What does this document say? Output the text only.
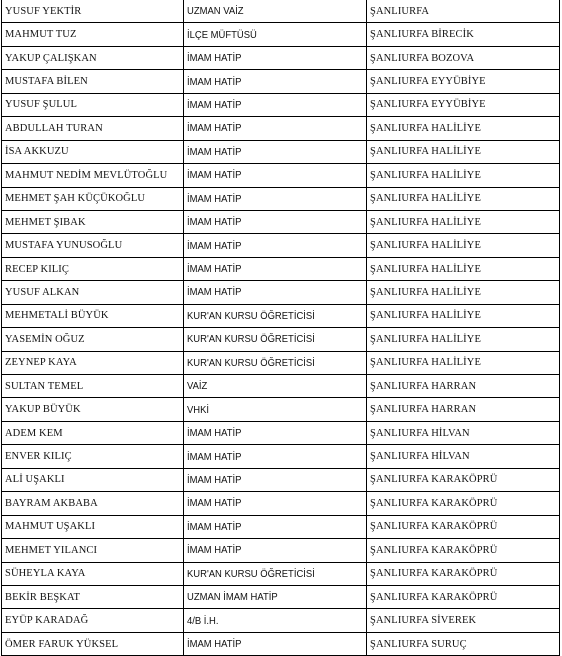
YUSUF YEKTİR	UZMAN VAİZ	ŞANLIURFA
MAHMUT TUZ	İLÇE MÜFTÜSÜ	ŞANLIURFA BİRECİK
YAKUP ÇALIŞKAN	İMAM HATİP	ŞANLIURFA BOZOVA
MUSTAFA BİLEN	İMAM HATİP	ŞANLIURFA EYYÜBİYE
YUSUF ŞULUL	İMAM HATİP	ŞANLIURFA EYYÜBİYE
ABDULLAH TURAN	İMAM HATİP	ŞANLIURFA HALİLİYE
İSA AKKUZU	İMAM HATİP	ŞANLIURFA HALİLİYE
MAHMUT NEDİM MEVLÜTOĞLU	İMAM HATİP	ŞANLIURFA HALİLİYE
MEHMET ŞAH KÜÇÜKOĞLU	İMAM HATİP	ŞANLIURFA HALİLİYE
MEHMET ŞIBAK	İMAM HATİP	ŞANLIURFA HALİLİYE
MUSTAFA YUNUSOĞLU	İMAM HATİP	ŞANLIURFA HALİLİYE
RECEP KILIÇ	İMAM HATİP	ŞANLIURFA HALİLİYE
YUSUF ALKAN	İMAM HATİP	ŞANLIURFA HALİLİYE
MEHMETALİ BÜYÜK	KUR'AN KURSU ÖĞRETİCİSİ	ŞANLIURFA HALİLİYE
YASEMİN OĞUZ	KUR'AN KURSU ÖĞRETİCİSİ	ŞANLIURFA HALİLİYE
ZEYNEP KAYA	KUR'AN KURSU ÖĞRETİCİSİ	ŞANLIURFA HALİLİYE
SULTAN TEMEL	VAİZ	ŞANLIURFA HARRAN
YAKUP BÜYÜK	VHKİ	ŞANLIURFA HARRAN
ADEM KEM	İMAM HATİP	ŞANLIURFA HİLVAN
ENVER KILIÇ	İMAM HATİP	ŞANLIURFA HİLVAN
ALİ UŞAKLI	İMAM HATİP	ŞANLIURFA KARAKÖPRÜ
BAYRAM AKBABA	İMAM HATİP	ŞANLIURFA KARAKÖPRÜ
MAHMUT UŞAKLI	İMAM HATİP	ŞANLIURFA KARAKÖPRÜ
MEHMET YILANCI	İMAM HATİP	ŞANLIURFA KARAKÖPRÜ
SÜHEYLA KAYA	KUR'AN KURSU ÖĞRETİCİSİ	ŞANLIURFA KARAKÖPRÜ
BEKİR BEŞKAT	UZMAN İMAM HATİP	ŞANLIURFA KARAKÖPRÜ
EYÜP KARADAĞ	4/B İ.H.	ŞANLIURFA SİVEREK
ÖMER FARUK YÜKSEL	İMAM HATİP	ŞANLIURFA SURUÇ
